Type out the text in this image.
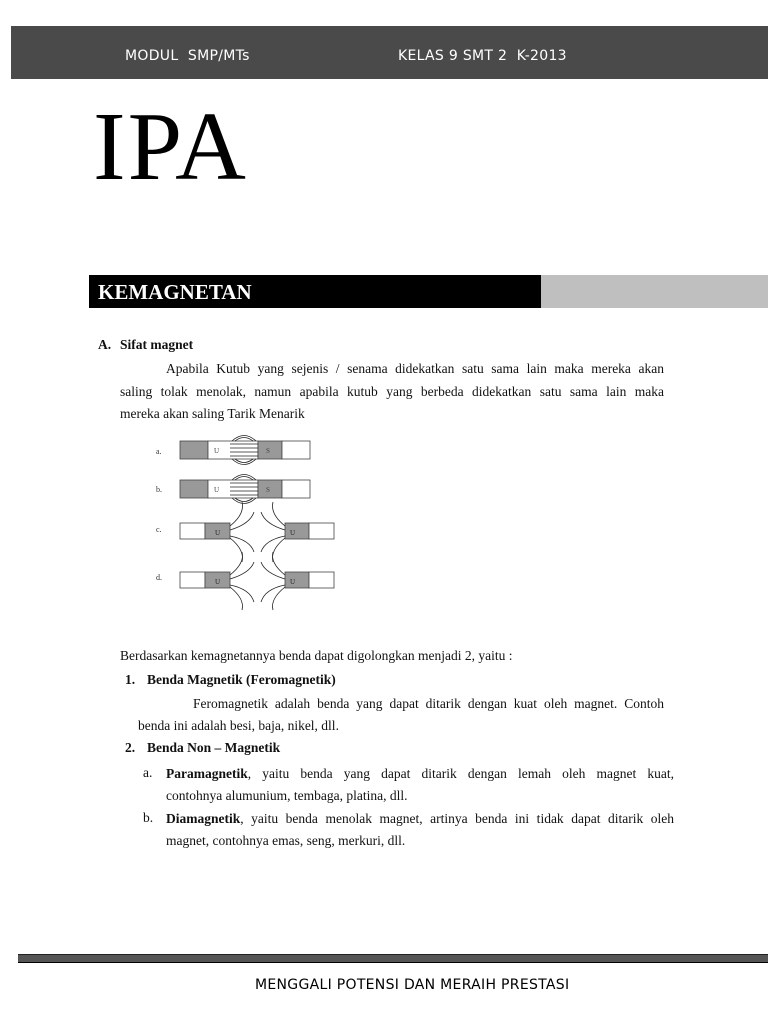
MODUL  SMP/MTs	KELAS 9 SMT 2  K-2013
IPA
KEMAGNETAN
A. Sifat magnet
Apabila Kutub yang sejenis / senama didekatkan satu sama lain maka mereka akan
saling tolak menolak, namun apabila kutub yang berbeda didekatkan satu sama lain maka
mereka akan saling Tarik Menarik
a.	U	S
b.	U	S
c.	U	U
d.	U	U
Berdasarkan kemagnetannya benda dapat digolongkan menjadi 2, yaitu :
1. Benda Magnetik (Feromagnetik)
Feromagnetik adalah benda yang dapat ditarik dengan kuat oleh magnet. Contoh
benda ini adalah besi, baja, nikel, dll.
2. Benda Non – Magnetik
a. Paramagnetik, yaitu benda yang dapat ditarik dengan lemah oleh magnet kuat,
contohnya alumunium, tembaga, platina, dll.
b. Diamagnetik, yaitu benda menolak magnet, artinya benda ini tidak dapat ditarik oleh
magnet, contohnya emas, seng, merkuri, dll.
MENGGALI POTENSI DAN MERAIH PRESTASI
